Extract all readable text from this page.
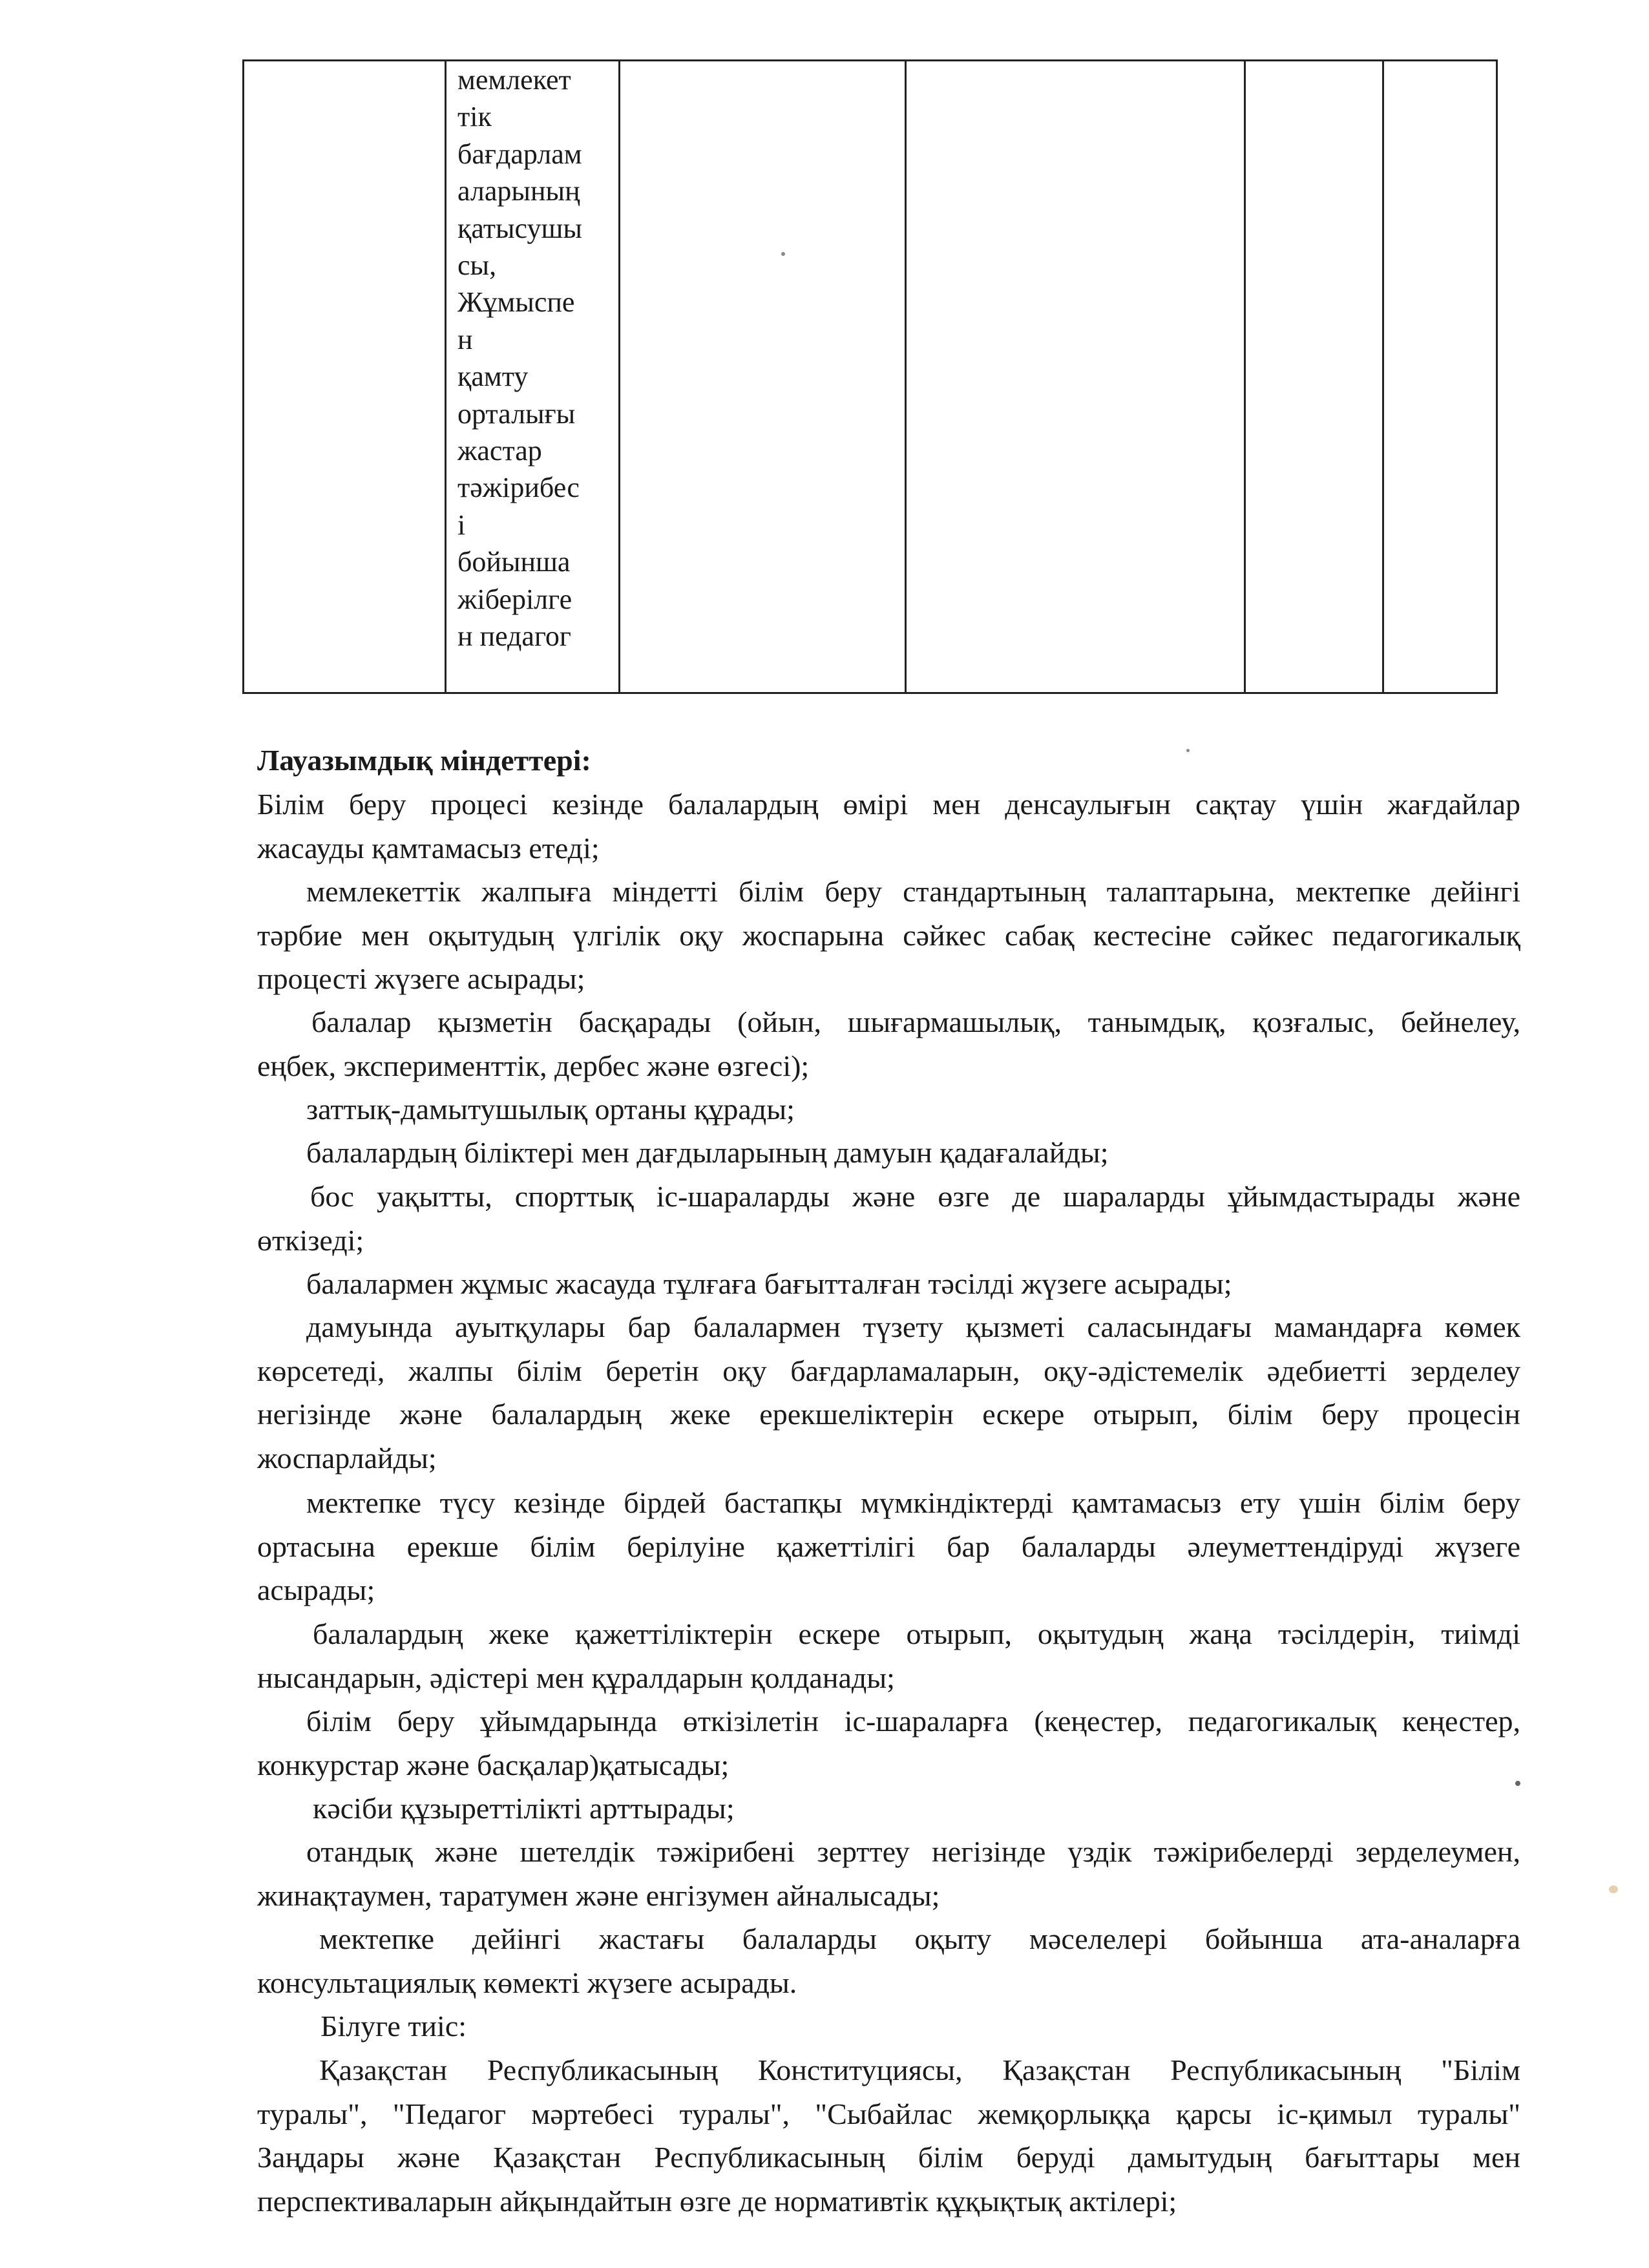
мемлекет
тік
бағдарлам
аларының
қатысушы
сы,
Жұмыспе
н
қамту
орталығы
жастар
тәжірибес
і
бойынша
жіберілге
н педагог

Лауазымдық міндеттері:

Білім беру процесі кезінде балалардың өмірі мен денсаулығын сақтау үшін жағдайлар
жасауды қамтамасыз етеді;
мемлекеттік жалпыға міндетті білім беру стандартының талаптарына, мектепке дейінгі
тәрбие мен оқытудың үлгілік оқу жоспарына сәйкес сабақ кестесіне сәйкес педагогикалық
процесті жүзеге асырады;
балалар қызметін басқарады (ойын, шығармашылық, танымдық, қозғалыс, бейнелеу,
еңбек, эксперименттік, дербес және өзгесі);
заттық-дамытушылық ортаны құрады;
балалардың біліктері мен дағдыларының дамуын қадағалайды;
бос уақытты, спорттық іс-шараларды және өзге де шараларды ұйымдастырады және
өткізеді;
балалармен жұмыс жасауда тұлғаға бағытталған тәсілді жүзеге асырады;
дамуында ауытқулары бар балалармен түзету қызметі саласындағы мамандарға көмек
көрсетеді, жалпы білім беретін оқу бағдарламаларын, оқу-әдістемелік әдебиетті зерделеу
негізінде және балалардың жеке ерекшеліктерін ескере отырып, білім беру процесін
жоспарлайды;
мектепке түсу кезінде бірдей бастапқы мүмкіндіктерді қамтамасыз ету үшін білім беру
ортасына ерекше білім берілуіне қажеттілігі бар балаларды әлеуметтендіруді жүзеге
асырады;
балалардың жеке қажеттіліктерін ескере отырып, оқытудың жаңа тәсілдерін, тиімді
нысандарын, әдістері мен құралдарын қолданады;
білім беру ұйымдарында өткізілетін іс-шараларға (кеңестер, педагогикалық кеңестер,
конкурстар және басқалар)қатысады;
кәсіби құзыреттілікті арттырады;
отандық және шетелдік тәжірибені зерттеу негізінде үздік тәжірибелерді зерделеумен,
жинақтаумен, таратумен және енгізумен айналысады;
мектепке дейінгі жастағы балаларды оқыту мәселелері бойынша ата-аналарға
консультациялық көмекті жүзеге асырады.
Білуге тиіс:
Қазақстан Республикасының Конституциясы, Қазақстан Республикасының "Білім
туралы", "Педагог мәртебесі туралы", "Сыбайлас жемқорлыққа қарсы іс-қимыл туралы"
Заңдары және Қазақстан Республикасының білім беруді дамытудың бағыттары мен
перспективаларын айқындайтын өзге де нормативтік құқықтық актілері;
